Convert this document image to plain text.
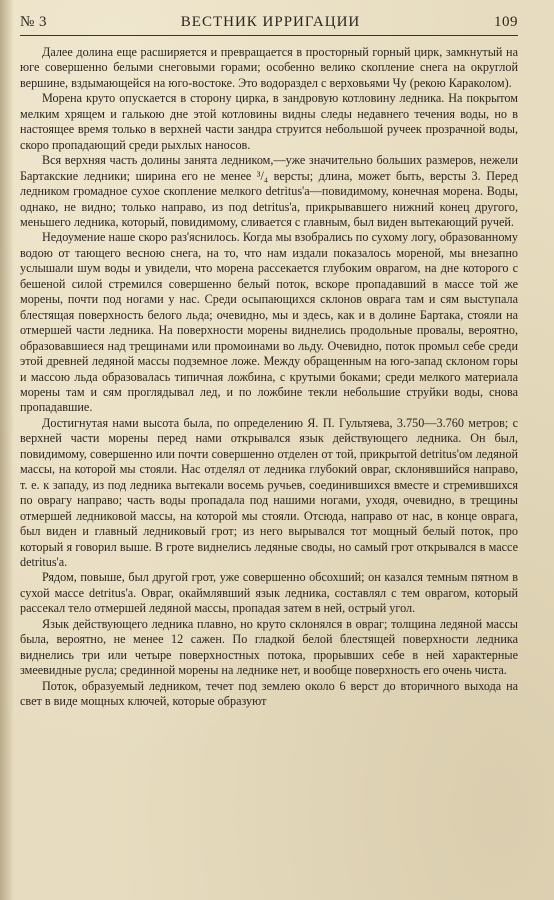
№ 3	ВЕСТНИК ИРРИГАЦИИ	109

Далее долина еще расширяется и превращается в просторный горный цирк, замкнутый на юге совершенно белыми снеговыми горами; особенно велико скопление снега на округлой вершине, вздымающейся на юго-востоке. Это водораздел с верховьями Чу (рекою Караколом).

Морена круто опускается в сторону цирка, в зандровую котловину ледника. На покрытом мелким хрящем и галькою дне этой котловины видны следы недавнего течения воды, но в настоящее время только в верхней части зандра струится небольшой ручеек прозрачной воды, скоро пропадающий среди рыхлых наносов.

Вся верхняя часть долины занята ледником,—уже значительно больших размеров, нежели Бартакские ледники; ширина его не менее ³/₄ версты; длина, может быть, версты 3. Перед ледником громадное сухое скопление мелкого detritus'а—повидимому, конечная морена. Воды, однако, не видно; только направо, из под detritus'а, прикрывавшего нижний конец другого, меньшего ледника, который, повидимому, сливается с главным, был виден вытекающий ручей.

Недоумение наше скоро раз'яснилось. Когда мы взобрались по сухому логу, образованному водою от тающего весною снега, на то, что нам издали показалось мореной, мы внезапно услышали шум воды и увидели, что морена рассекается глубоким оврагом, на дне которого с бешеной силой стремился совершенно белый поток, вскоре пропадавший в массе той же морены, почти под ногами у нас. Среди осыпающихся склонов оврага там и сям выступала блестящая поверхность белого льда; очевидно, мы и здесь, как и в долине Бартака, стояли на отмершей части ледника. На поверхности морены виднелись продольные провалы, вероятно, образовавшиеся над трещинами или промоинами во льду. Очевидно, поток промыл себе среди этой древней ледяной массы подземное ложе. Между обращенным на юго-запад склоном горы и массою льда образовалась типичная ложбина, с крутыми боками; среди мелкого материала морены там и сям проглядывал лед, и по ложбине текли небольшие струйки воды, снова пропадавшие.

Достигнутая нами высота была, по определению Я. П. Гультяева, 3.750—3.760 метров; с верхней части морены перед нами открывался язык действующего ледника. Он был, повидимому, совершенно или почти совершенно отделен от той, прикрытой detritus'ом ледяной массы, на которой мы стояли. Нас отделял от ледника глубокий овраг, склонявшийся направо, т. е. к западу, из под ледника вытекали восемь ручьев, соединившихся вместе и стремившихся по оврагу направо; часть воды пропадала под нашими ногами, уходя, очевидно, в трещины отмершей ледниковой массы, на которой мы стояли. Отсюда, направо от нас, в конце оврага, был виден и главный ледниковый грот; из него вырывался тот мощный белый поток, про который я говорил выше. В гроте виднелись ледяные своды, но самый грот открывался в массе detritus'а.

Рядом, повыше, был другой грот, уже совершенно обсохший; он казался темным пятном в сухой массе detritus'а. Овраг, окаймлявший язык ледника, составлял с тем оврагом, который рассекал тело отмершей ледяной массы, пропадая затем в ней, острый угол.

Язык действующего ледника плавно, но круто склонялся в овраг; толщина ледяной массы была, вероятно, не менее 12 сажен. По гладкой белой блестящей поверхности ледника виднелись три или четыре поверхностных потока, прорывших себе в ней характерные змеевидные русла; срединной морены на леднике нет, и вообще поверхность его очень чиста.

Поток, образуемый ледником, течет под землею около 6 верст до вторичного выхода на свет в виде мощных ключей, которые образуют
